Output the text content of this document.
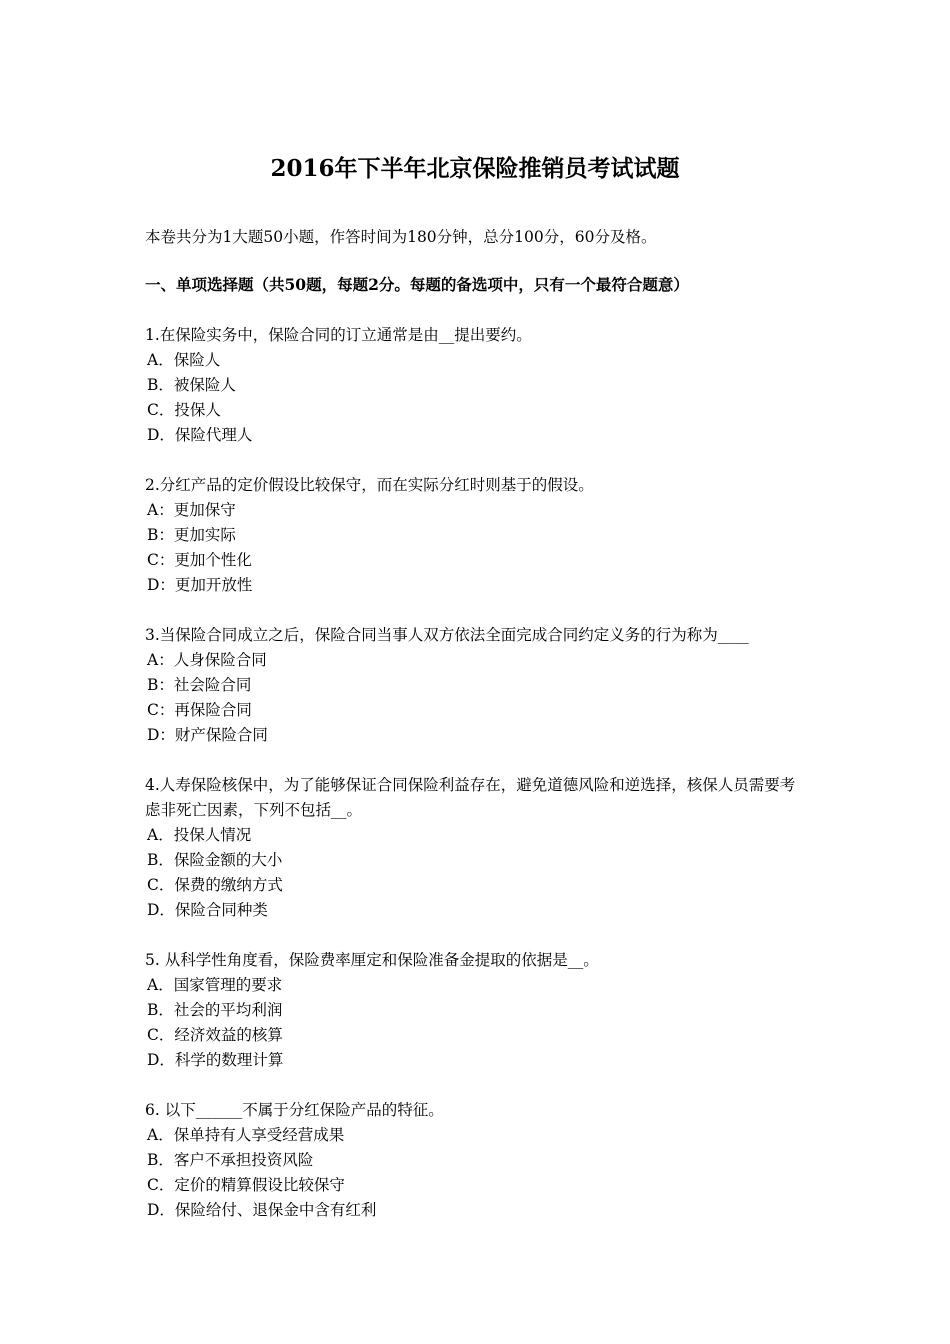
2016年下半年北京保险推销员考试试题
本卷共分为1大题50小题，作答时间为180分钟，总分100分，60分及格。
一、单项选择题（共50题，每题2分。每题的备选项中，只有一个最符合题意）
1.在保险实务中，保险合同的订立通常是由__提出要约。
A．保险人
B．被保险人
C．投保人
D．保险代理人
2.分红产品的定价假设比较保守，而在实际分红时则基于的假设。
A：更加保守
B：更加实际
C：更加个性化
D：更加开放性
3.当保险合同成立之后，保险合同当事人双方依法全面完成合同约定义务的行为称为____
A：人身保险合同
B：社会险合同
C：再保险合同
D：财产保险合同
4.人寿保险核保中，为了能够保证合同保险利益存在，避免道德风险和逆选择，核保人员需要考虑非死亡因素，下列不包括__。
A．投保人情况
B．保险金额的大小
C．保费的缴纳方式
D．保险合同种类
5. 从科学性角度看，保险费率厘定和保险准备金提取的依据是__。
A．国家管理的要求
B．社会的平均利润
C．经济效益的核算
D．科学的数理计算
6. 以下______不属于分红保险产品的特征。
A．保单持有人享受经营成果
B．客户不承担投资风险
C．定价的精算假设比较保守
D．保险给付、退保金中含有红利
